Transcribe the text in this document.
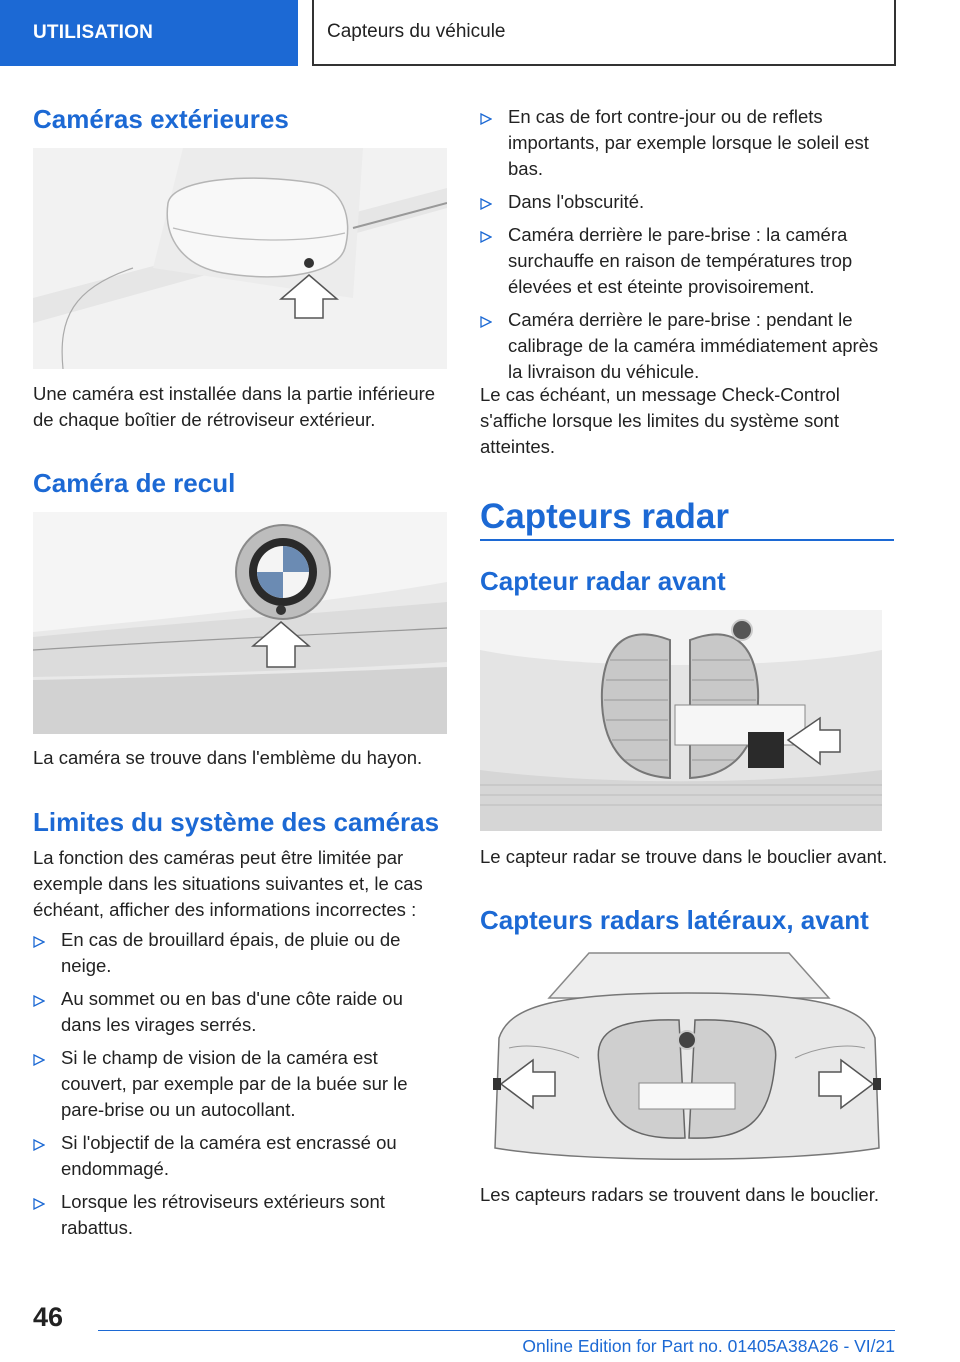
UTILISATION	Capteurs du véhicule
Caméras extérieures
Une caméra est installée dans la partie inférieure de chaque boîtier de rétroviseur extérieur.
Caméra de recul
La caméra se trouve dans l'emblème du hayon.
Limites du système des caméras
La fonction des caméras peut être limitée par exemple dans les situations suivantes et, le cas échéant, afficher des informations incorrectes :
En cas de brouillard épais, de pluie ou de neige.
Au sommet ou en bas d'une côte raide ou dans les virages serrés.
Si le champ de vision de la caméra est couvert, par exemple par de la buée sur le pare-brise ou un autocollant.
Si l'objectif de la caméra est encrassé ou endommagé.
Lorsque les rétroviseurs extérieurs sont rabattus.
En cas de fort contre-jour ou de reflets importants, par exemple lorsque le soleil est bas.
Dans l'obscurité.
Caméra derrière le pare-brise : la caméra surchauffe en raison de températures trop élevées et est éteinte provisoirement.
Caméra derrière le pare-brise : pendant le calibrage de la caméra immédiatement après la livraison du véhicule.
Le cas échéant, un message Check-Control s'affiche lorsque les limites du système sont atteintes.
Capteurs radar
Capteur radar avant
Le capteur radar se trouve dans le bouclier avant.
Capteurs radars latéraux, avant
Les capteurs radars se trouvent dans le bouclier.
46
Online Edition for Part no. 01405A38A26 - VI/21
